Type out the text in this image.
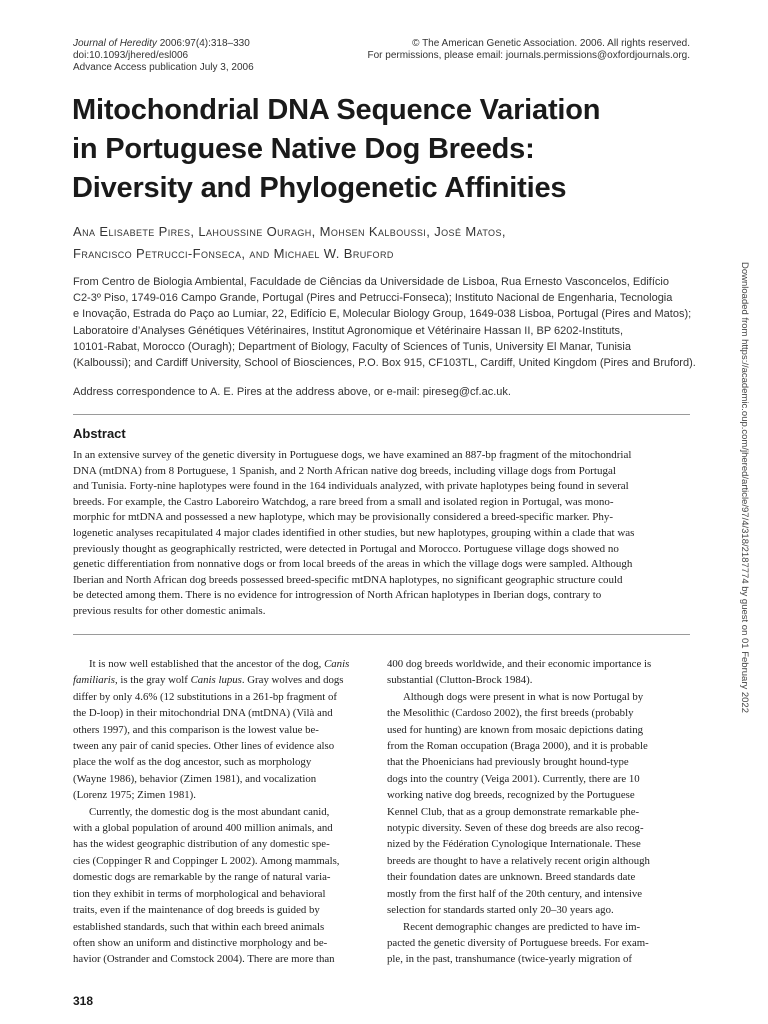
Journal of Heredity 2006:97(4):318–330
doi:10.1093/jhered/esl006
Advance Access publication July 3, 2006
© The American Genetic Association. 2006. All rights reserved.
For permissions, please email: journals.permissions@oxfordjournals.org.
Mitochondrial DNA Sequence Variation
in Portuguese Native Dog Breeds:
Diversity and Phylogenetic Affinities
Ana Elisabete Pires, Lahoussine Ouragh, Mohsen Kalboussi, José Matos,
Francisco Petrucci-Fonseca, and Michael W. Bruford
From Centro de Biologia Ambiental, Faculdade de Ciências da Universidade de Lisboa, Rua Ernesto Vasconcelos, Edifício
C2-3º Piso, 1749-016 Campo Grande, Portugal (Pires and Petrucci-Fonseca); Instituto Nacional de Engenharia, Tecnologia
e Inovação, Estrada do Paço ao Lumiar, 22, Edifício E, Molecular Biology Group, 1649-038 Lisboa, Portugal (Pires and Matos);
Laboratoire d’Analyses Génétiques Vétérinaires, Institut Agronomique et Vétérinaire Hassan II, BP 6202-Instituts,
10101-Rabat, Morocco (Ouragh); Department of Biology, Faculty of Sciences of Tunis, University El Manar, Tunisia
(Kalboussi); and Cardiff University, School of Biosciences, P.O. Box 915, CF103TL, Cardiff, United Kingdom (Pires and Bruford).
Address correspondence to A. E. Pires at the address above, or e-mail: pireseg@cf.ac.uk.
Abstract
In an extensive survey of the genetic diversity in Portuguese dogs, we have examined an 887-bp fragment of the mitochondrial
DNA (mtDNA) from 8 Portuguese, 1 Spanish, and 2 North African native dog breeds, including village dogs from Portugal
and Tunisia. Forty-nine haplotypes were found in the 164 individuals analyzed, with private haplotypes being found in several
breeds. For example, the Castro Laboreiro Watchdog, a rare breed from a small and isolated region in Portugal, was mono-
morphic for mtDNA and possessed a new haplotype, which may be provisionally considered a breed-specific marker. Phy-
logenetic analyses recapitulated 4 major clades identified in other studies, but new haplotypes, grouping within a clade that was
previously thought as geographically restricted, were detected in Portugal and Morocco. Portuguese village dogs showed no
genetic differentiation from nonnative dogs or from local breeds of the areas in which the village dogs were sampled. Although
Iberian and North African dog breeds possessed breed-specific mtDNA haplotypes, no significant geographic structure could
be detected among them. There is no evidence for introgression of North African haplotypes in Iberian dogs, contrary to
previous results for other domestic animals.
It is now well established that the ancestor of the dog, Canis
familiaris, is the gray wolf Canis lupus. Gray wolves and dogs
differ by only 4.6% (12 substitutions in a 261-bp fragment of
the D-loop) in their mitochondrial DNA (mtDNA) (Vilà and
others 1997), and this comparison is the lowest value be-
tween any pair of canid species. Other lines of evidence also
place the wolf as the dog ancestor, such as morphology
(Wayne 1986), behavior (Zimen 1981), and vocalization
(Lorenz 1975; Zimen 1981).
Currently, the domestic dog is the most abundant canid,
with a global population of around 400 million animals, and
has the widest geographic distribution of any domestic spe-
cies (Coppinger R and Coppinger L 2002). Among mammals,
domestic dogs are remarkable by the range of natural varia-
tion they exhibit in terms of morphological and behavioral
traits, even if the maintenance of dog breeds is guided by
established standards, such that within each breed animals
often show an uniform and distinctive morphology and be-
havior (Ostrander and Comstock 2004). There are more than
400 dog breeds worldwide, and their economic importance is
substantial (Clutton-Brock 1984).
Although dogs were present in what is now Portugal by
the Mesolithic (Cardoso 2002), the first breeds (probably
used for hunting) are known from mosaic depictions dating
from the Roman occupation (Braga 2000), and it is probable
that the Phoenicians had previously brought hound-type
dogs into the country (Veiga 2001). Currently, there are 10
working native dog breeds, recognized by the Portuguese
Kennel Club, that as a group demonstrate remarkable phe-
notypic diversity. Seven of these dog breeds are also recog-
nized by the Fédération Cynologique Internationale. These
breeds are thought to have a relatively recent origin although
their foundation dates are unknown. Breed standards date
mostly from the first half of the 20th century, and intensive
selection for standards started only 20–30 years ago.
Recent demographic changes are predicted to have im-
pacted the genetic diversity of Portuguese breeds. For exam-
ple, in the past, transhumance (twice-yearly migration of
Downloaded from https://academic.oup.com/jhered/article/97/4/318/2187774 by guest on 01 February 2022
318
